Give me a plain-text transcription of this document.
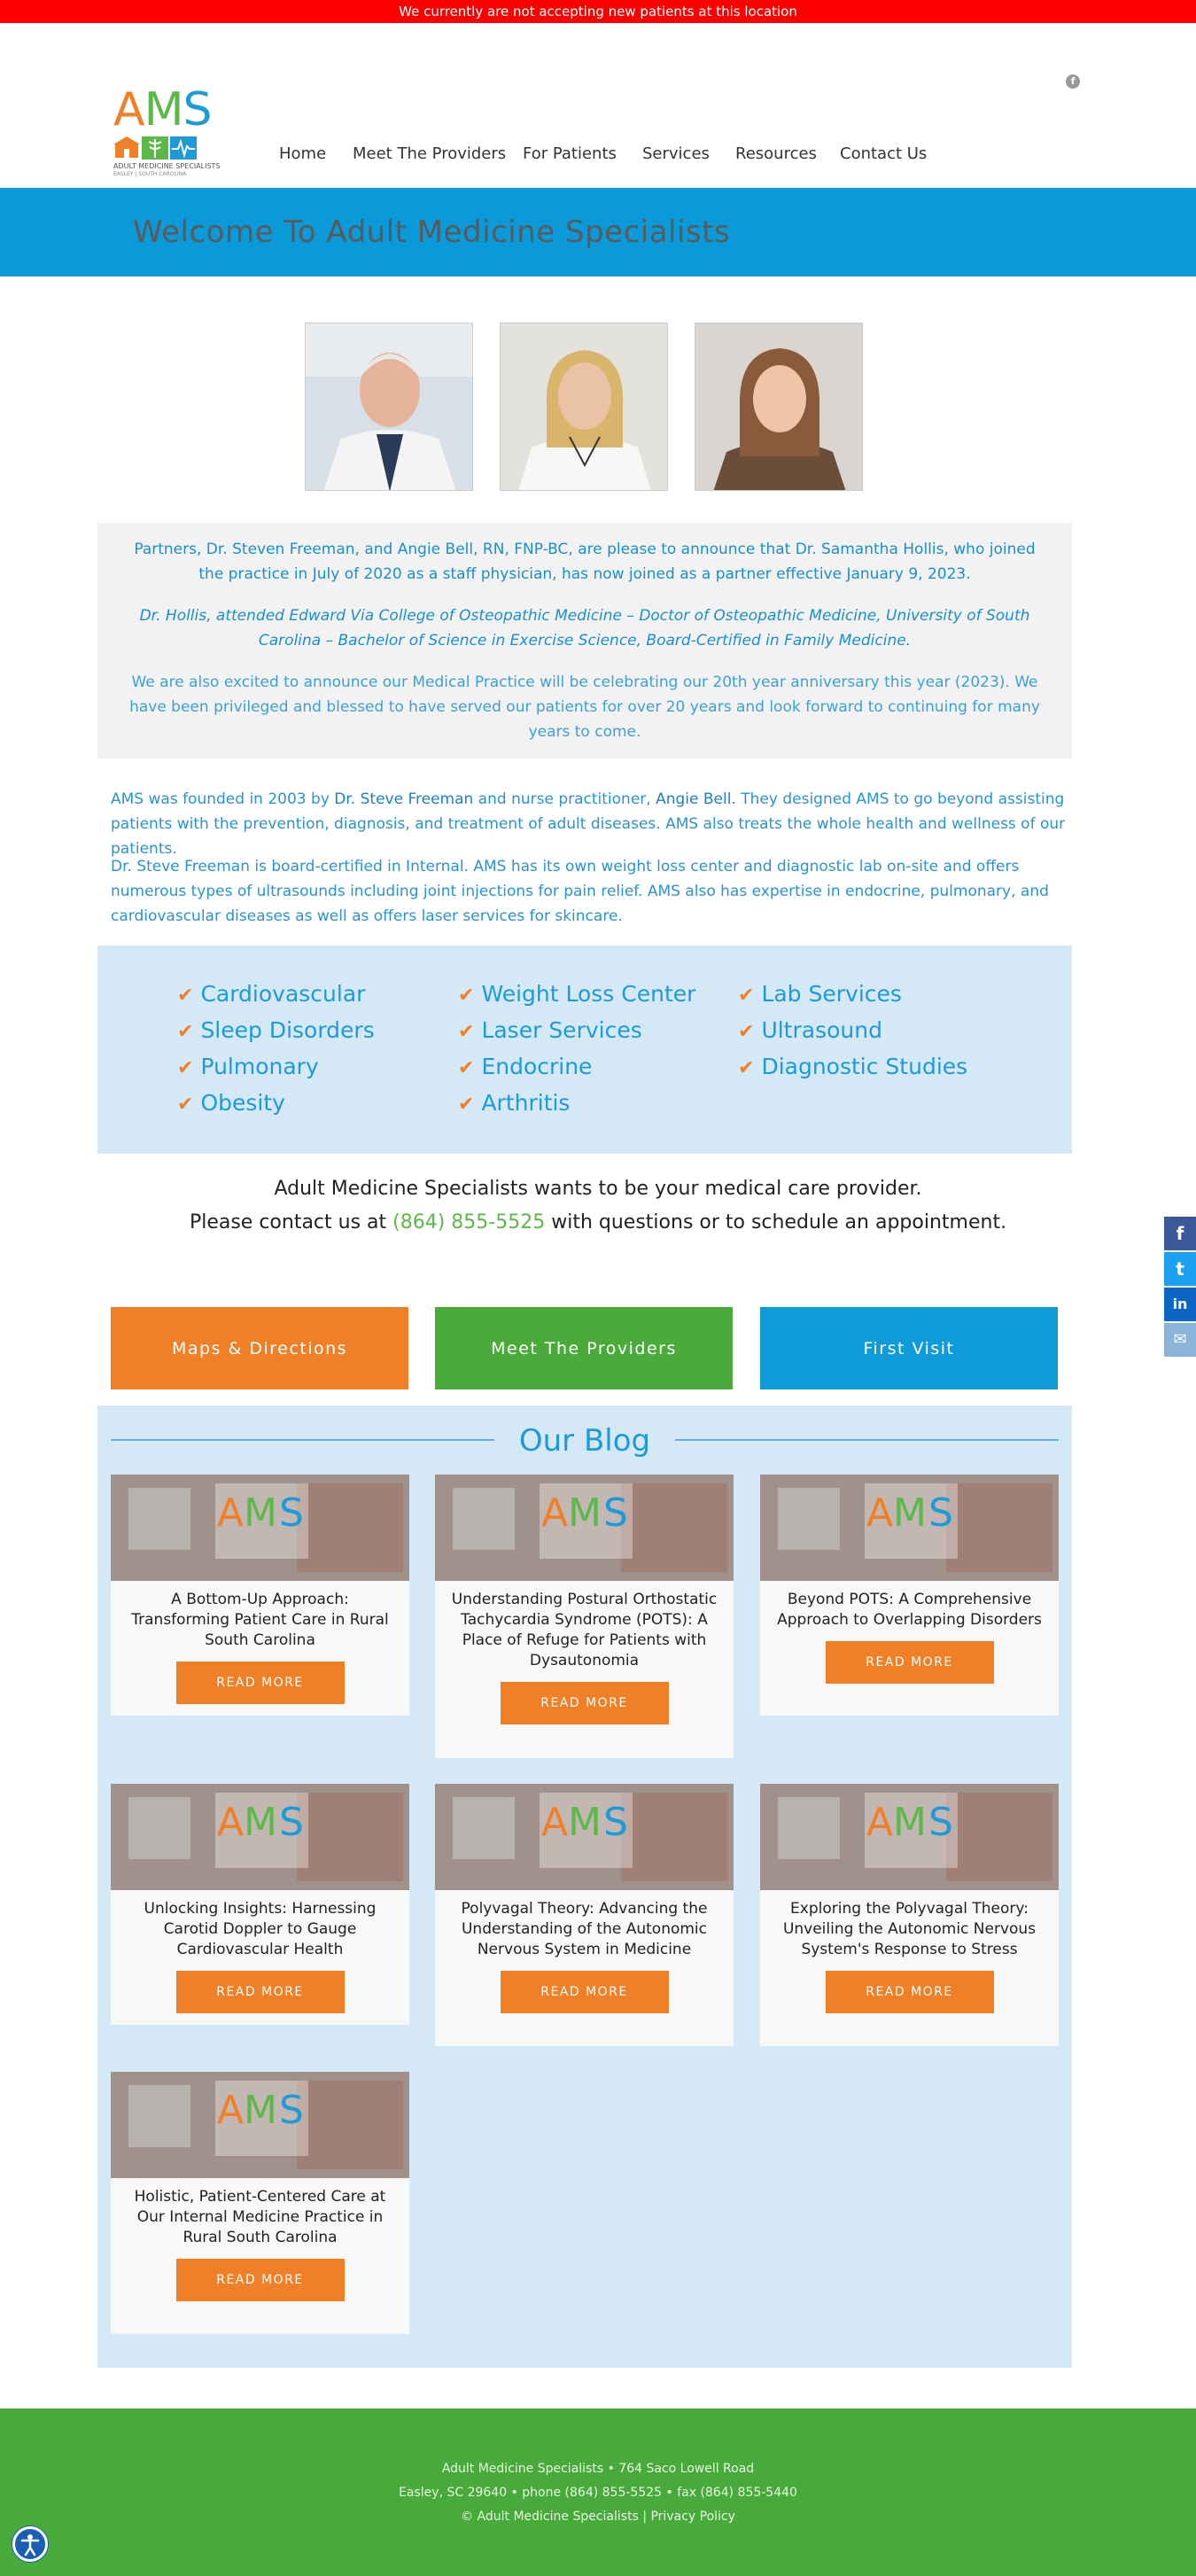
We currently are not accepting new patients at this location
AMS
ADULT MEDICINE SPECIALISTS
EASLEY | SOUTH CAROLINA
f
Home Meet The Providers For Patients Services Resources Contact Us
Welcome To Adult Medicine Specialists

Partners, Dr. Steven Freeman, and Angie Bell, RN, FNP-BC, are please to announce that Dr. Samantha Hollis, who joined the practice in July of 2020 as a staff physician, has now joined as a partner effective January 9, 2023.

Dr. Hollis, attended Edward Via College of Osteopathic Medicine – Doctor of Osteopathic Medicine, University of South Carolina – Bachelor of Science in Exercise Science, Board-Certified in Family Medicine.

We are also excited to announce our Medical Practice will be celebrating our 20th year anniversary this year (2023). We have been privileged and blessed to have served our patients for over 20 years and look forward to continuing for many years to come.

AMS was founded in 2003 by Dr. Steve Freeman and nurse practitioner, Angie Bell. They designed AMS to go beyond assisting patients with the prevention, diagnosis, and treatment of adult diseases. AMS also treats the whole health and wellness of our patients.
Dr. Steve Freeman is board-certified in Internal. AMS has its own weight loss center and diagnostic lab on-site and offers numerous types of ultrasounds including joint injections for pain relief. AMS also has expertise in endocrine, pulmonary, and cardiovascular diseases as well as offers laser services for skincare.
✔ Cardiovascular
✔ Sleep Disorders
✔ Pulmonary
✔ Obesity
✔ Weight Loss Center
✔ Laser Services
✔ Endocrine
✔ Arthritis
✔ Lab Services
✔ Ultrasound
✔ Diagnostic Studies
Adult Medicine Specialists wants to be your medical care provider.
Please contact us at (864) 855-5525 with questions or to schedule an appointment.
Maps & Directions	Meet The Providers	First Visit
Our Blog
A M S
A Bottom-Up Approach: Transforming Patient Care in Rural South Carolina
READ MORE
A M S
Understanding Postural Orthostatic Tachycardia Syndrome (POTS): A Place of Refuge for Patients with Dysautonomia
READ MORE
A M S
Beyond POTS: A Comprehensive Approach to Overlapping Disorders
READ MORE
A M S
Unlocking Insights: Harnessing Carotid Doppler to Gauge Cardiovascular Health
READ MORE
A M S
Polyvagal Theory: Advancing the Understanding of the Autonomic Nervous System in Medicine
READ MORE
A M S
Exploring the Polyvagal Theory: Unveiling the Autonomic Nervous System's Response to Stress
READ MORE
A M S
Holistic, Patient-Centered Care at Our Internal Medicine Practice in Rural South Carolina
READ MORE
Adult Medicine Specialists • 764 Saco Lowell Road
Easley, SC 29640 • phone (864) 855-5525 • fax (864) 855-5440
© Adult Medicine Specialists | Privacy Policy
f
t
in
✉
